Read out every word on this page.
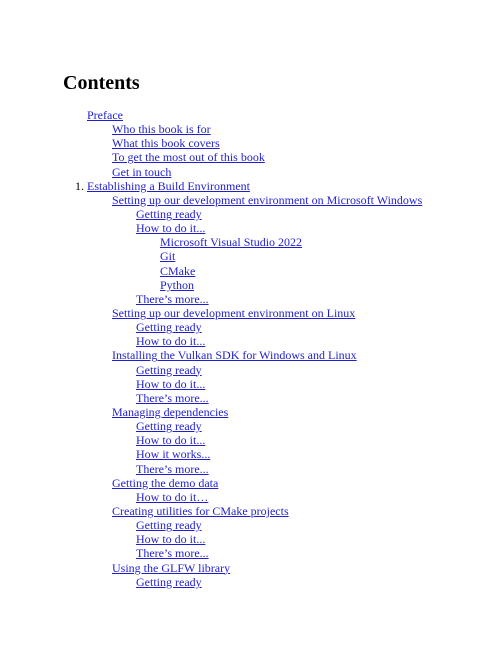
Contents
Preface
Who this book is for
What this book covers
To get the most out of this book
Get in touch
1. Establishing a Build Environment
Setting up our development environment on Microsoft Windows
Getting ready
How to do it...
Microsoft Visual Studio 2022
Git
CMake
Python
There’s more...
Setting up our development environment on Linux
Getting ready
How to do it...
Installing the Vulkan SDK for Windows and Linux
Getting ready
How to do it...
There’s more...
Managing dependencies
Getting ready
How to do it...
How it works...
There’s more...
Getting the demo data
How to do it…
Creating utilities for CMake projects
Getting ready
How to do it...
There’s more...
Using the GLFW library
Getting ready
